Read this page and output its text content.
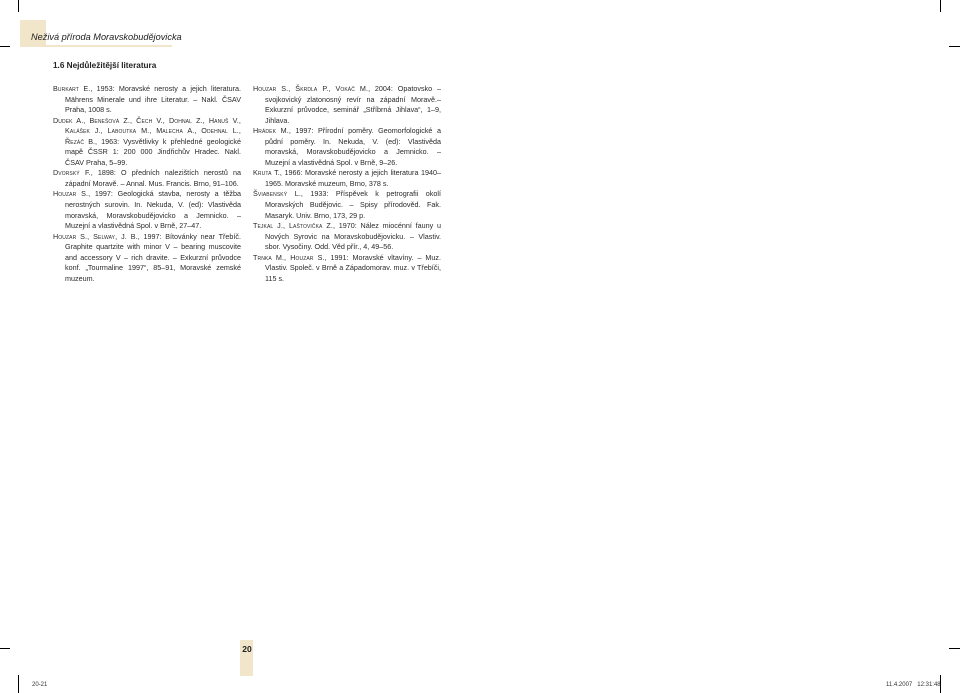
Neživá příroda Moravskobudějovicka
1.6 Nejdůležitější literatura

Burkart E., 1953: Moravské nerosty a jejich literatura. Mährens Minerale und ihre Literatur. – Nakl. ČSAV Praha, 1008 s.

Dudek A., Benešová Z., Čech V., Dohnal Z., Hanuš V., Kalášek J., Laboutka M., Malecha A., Odehnal L., Řezáč B., 1963: Vysvětlivky k přehledné geologické mapě ČSSR 1: 200 000 Jindřichův Hradec. Nakl. ČSAV Praha, 5–99.

Dvorský F., 1898: O předních nalezištích nerostů na západní Moravě. – Annal. Mus. Francis. Brno, 91–106.

Houzar S., 1997: Geologická stavba, nerosty a těžba nerostných surovin. In. Nekuda, V. (ed): Vlastivěda moravská, Moravskobudějovicko a Jemnicko. – Muzejní a vlastivědná Spol. v Brně, 27–47.

Houzar S., Selway, J. B., 1997: Bítovánky near Třebíč. Graphite quartzite with minor V – bearing muscovite and accessory V – rich dravite. – Exkurzní průvodce konf. „Tourmaline 1997“, 85–91, Moravské zemské muzeum.

Houzar S., Škrdla P., Vokáč M., 2004: Opatovsko – svojkovický zlatonosný revír na západní Moravě.– Exkurzní průvodce, seminář „Stříbrná Jihlava“, 1–9, Jihlava.

Hrádek M., 1997: Přírodní poměry. Geomorfologické a půdní poměry. In. Nekuda, V. (ed): Vlastivěda moravská, Moravskobudějovicko a Jemnicko. – Muzejní a vlastivědná Spol. v Brně, 9–26.

Kruta T., 1966: Moravské nerosty a jejich literatura 1940–1965. Moravské muzeum, Brno, 378 s.

Šviabenský L., 1933: Příspěvek k petrografii okolí Moravských Budějovic. – Spisy přírodověd. Fak. Masaryk. Univ. Brno, 173, 29 p.

Tejkal J., Laštovička Z., 1970: Nález miocénní fauny u Nových Syrovic na Moravskobudějovicku. – Vlastiv. sbor. Vysočiny. Odd. Věd přír., 4, 49–56.

Trnka M., Houzar S., 1991: Moravské vltavíny. – Muz. Vlastiv. Společ. v Brně a Západomorav. muz. v Třebíči, 115 s.

20
20-21	11.4.2007 12:31:48
